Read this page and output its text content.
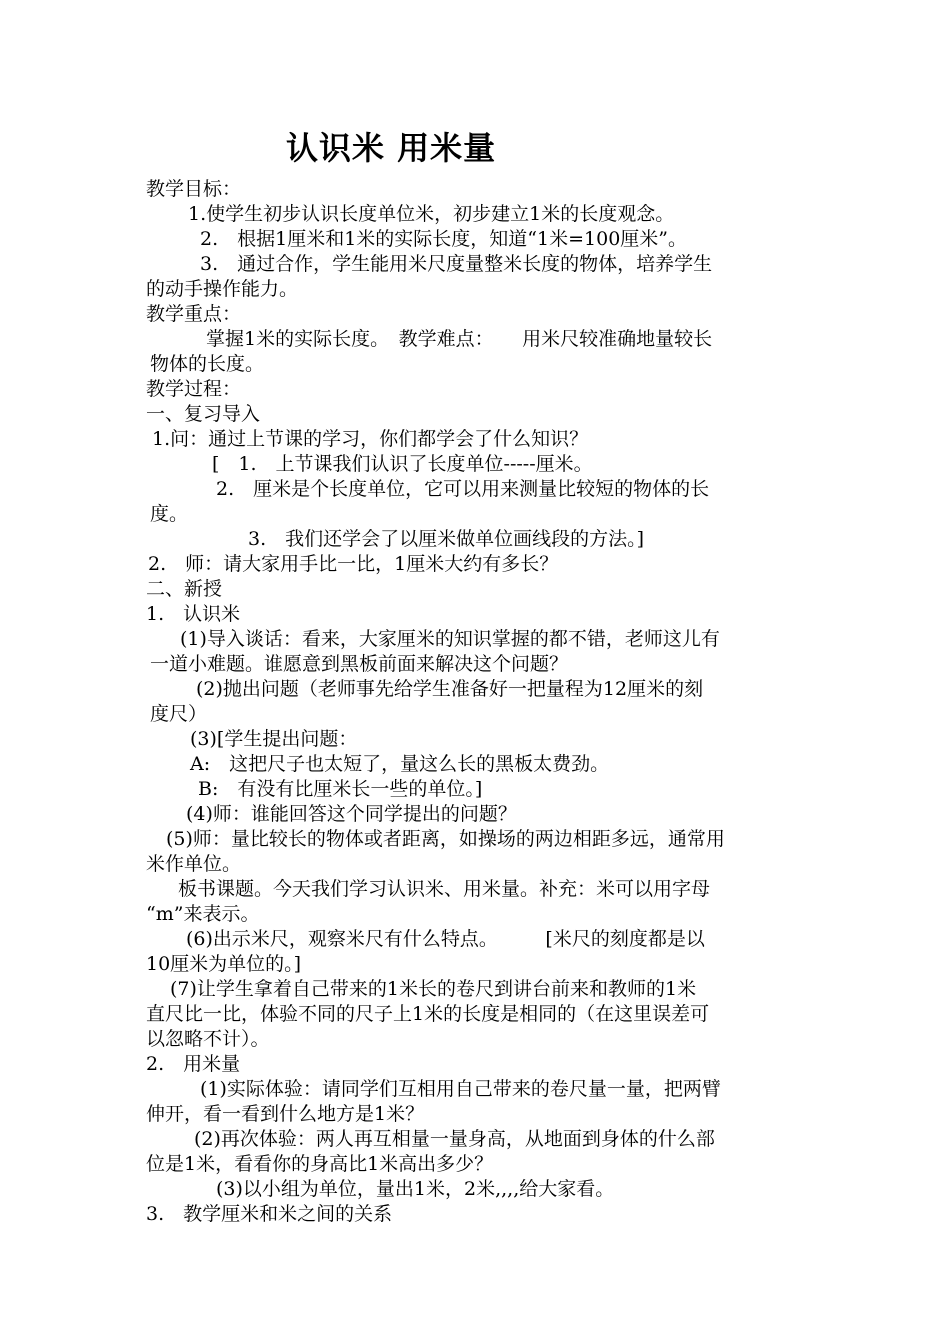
认识米 用米量
教学目标：
1.使学生初步认识长度单位米，初步建立1米的长度观念。
2.　根据1厘米和1米的实际长度，知道“1米=100厘米”。
3.　通过合作，学生能用米尺度量整米长度的物体，培养学生
的动手操作能力。
教学重点：
掌握1米的实际长度。　教学难点：　　用米尺较准确地量较长
物体的长度。
教学过程：
一、复习导入
1.问：通过上节课的学习，你们都学会了什么知识？
[　1.　上节课我们认识了长度单位-----厘米。
2.　厘米是个长度单位，它可以用来测量比较短的物体的长
度。
3.　我们还学会了以厘米做单位画线段的方法。]
2.　师：请大家用手比一比，1厘米大约有多长？
二、新授
1.　认识米
(1)导入谈话：看来，大家厘米的知识掌握的都不错，老师这儿有
一道小难题。谁愿意到黑板前面来解决这个问题？
(2)抛出问题（老师事先给学生准备好一把量程为12厘米的刻
度尺）
(3)[学生提出问题：
A:　这把尺子也太短了，量这么长的黑板太费劲。
B:　有没有比厘米长一些的单位。]
(4)师：谁能回答这个同学提出的问题？
(5)师：量比较长的物体或者距离，如操场的两边相距多远，通常用
米作单位。
板书课题。今天我们学习认识米、用米量。补充：米可以用字母
“m”来表示。
(6)出示米尺，观察米尺有什么特点。　　　[米尺的刻度都是以
10厘米为单位的。]
(7)让学生拿着自己带来的1米长的卷尺到讲台前来和教师的1米
直尺比一比，体验不同的尺子上1米的长度是相同的（在这里误差可
以忽略不计）。
2.　用米量
(1)实际体验：请同学们互相用自己带来的卷尺量一量，把两臂
伸开，看一看到什么地方是1米？
(2)再次体验：两人再互相量一量身高，从地面到身体的什么部
位是1米，看看你的身高比1米高出多少？
(3)以小组为单位，量出1米，2米,,,,给大家看。
3.　教学厘米和米之间的关系
